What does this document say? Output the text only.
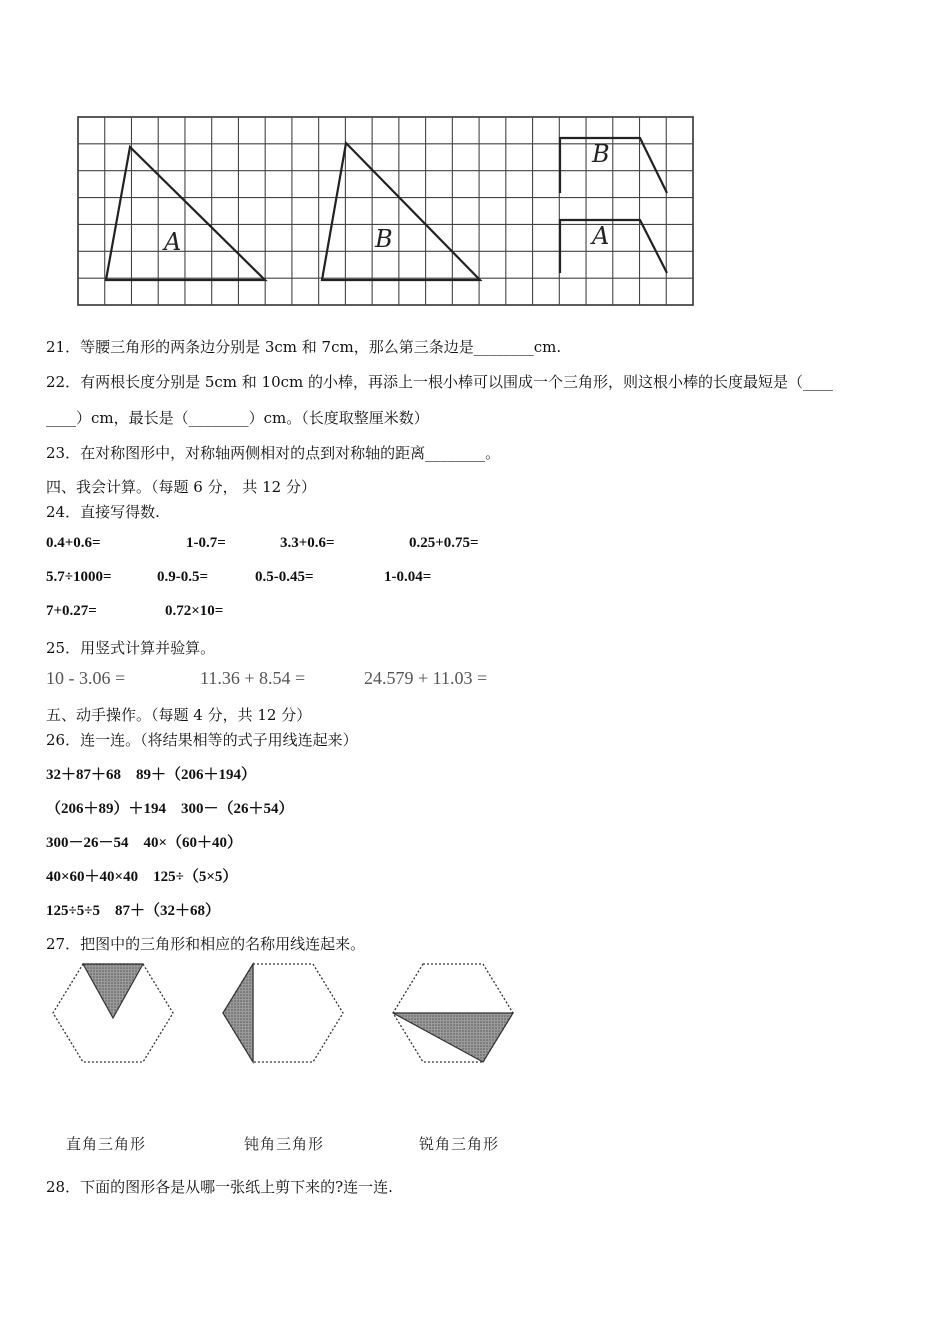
A	B
B
A
21．等腰三角形的两条边分别是 3cm 和 7cm，那么第三条边是________cm.
22．有两根长度分别是 5cm 和 10cm 的小棒，再添上一根小棒可以围成一个三角形，则这根小棒的长度最短是（____
____）cm，最长是（________）cm。（长度取整厘米数）
23．在对称图形中，对称轴两侧相对的点到对称轴的距离________。
四、我会计算。（每题 6 分， 共 12 分）
24．直接写得数.
0.4+0.6=	1-0.7=	3.3+0.6=	0.25+0.75=
5.7÷1000=	0.9-0.5=	0.5-0.45=	1-0.04=
7+0.27=	0.72×10=
25．用竖式计算并验算。
10 - 3.06 =	11.36 + 8.54 =	24.579 + 11.03 =
五、动手操作。（每题 4 分，共 12 分）
26．连一连。（将结果相等的式子用线连起来）
32＋87＋68　89＋（206＋194）
（206＋89）＋194　300－（26＋54）
300－26－54　40×（60＋40）
40×60＋40×40　125÷（5×5）
125÷5÷5　87＋（32＋68）
27．把图中的三角形和相应的名称用线连起来。
直角三角形	钝角三角形	锐角三角形
28．下面的图形各是从哪一张纸上剪下来的?连一连.
